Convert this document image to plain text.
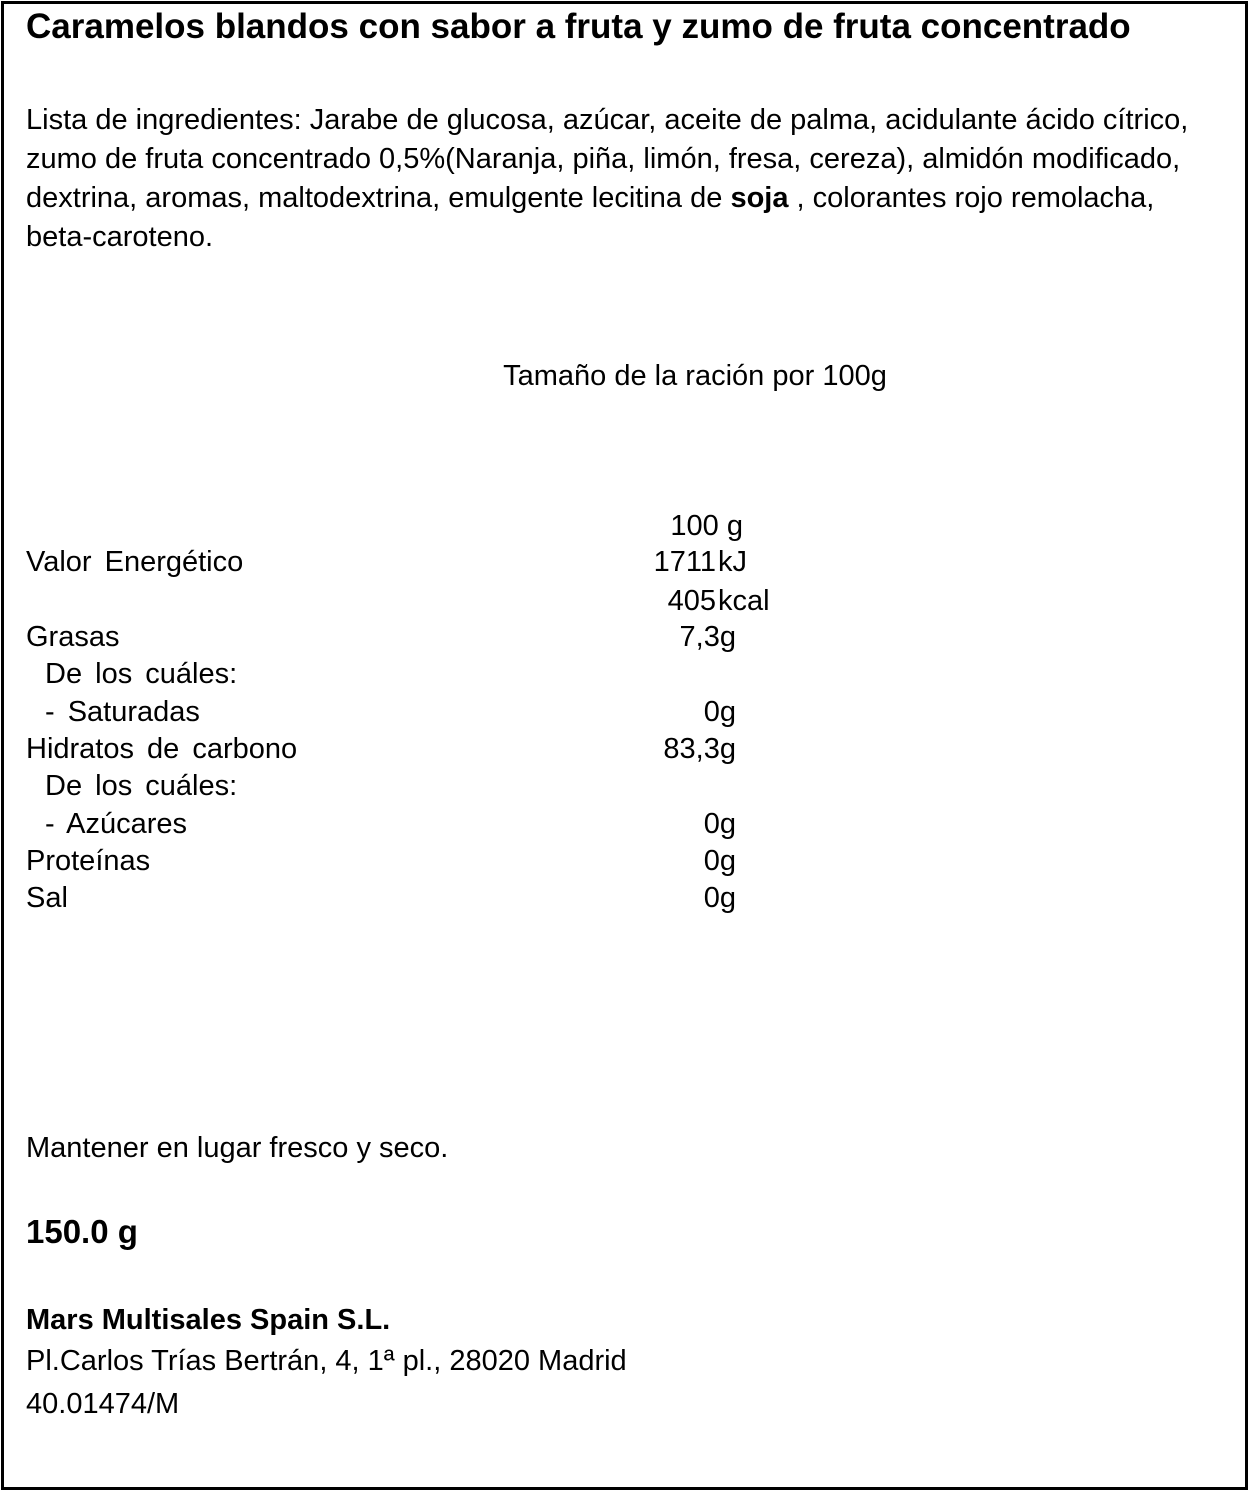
Caramelos blandos con sabor a fruta y zumo de fruta concentrado
Lista de ingredientes: Jarabe de glucosa, azúcar, aceite de palma, acidulante ácido cítrico, zumo de fruta concentrado 0,5%(Naranja, piña, limón, fresa, cereza), almidón modificado, dextrina, aromas, maltodextrina, emulgente lecitina de soja , colorantes rojo remolacha, beta-caroteno.
Tamaño de la ración por 100g
100 g
Valor Energético	1711 kJ
405 kcal
Grasas	7,3g
De los cuáles:
- Saturadas	0g
Hidratos de carbono	83,3g
De los cuáles:
- Azúcares	0g
Proteínas	0g
Sal	0g
Mantener en lugar fresco y seco.
150.0 g
Mars Multisales Spain S.L.
Pl.Carlos Trías Bertrán, 4, 1ª pl., 28020 Madrid
40.01474/M
